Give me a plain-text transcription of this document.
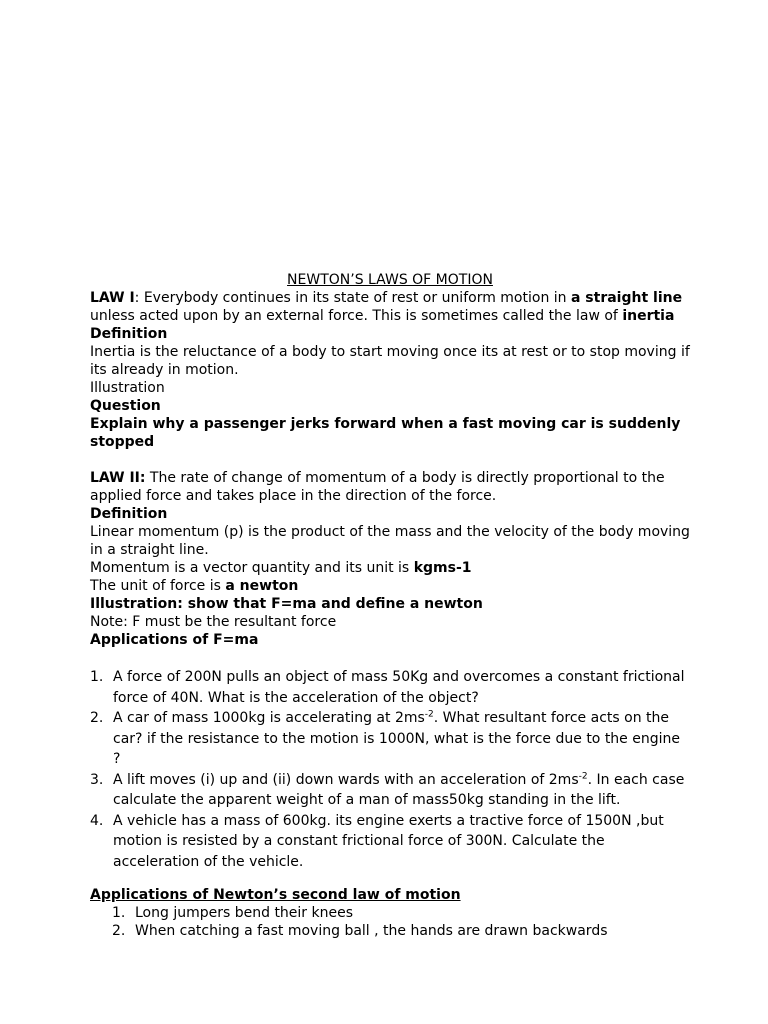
NEWTON’S LAWS OF MOTION

LAW I: Everybody continues in its state of rest or uniform motion in a straight line unless acted upon by an external force. This is sometimes called the law of inertia

Definition

Inertia is the reluctance of a body to start moving once its at rest or to stop moving if its already in motion.

Illustration

Question

Explain why a passenger jerks forward when a fast moving car is suddenly stopped

LAW II: The rate of change of momentum of a body is directly proportional to the applied force and takes place in the direction of the force.

Definition

Linear momentum (p) is the product of the mass and the velocity of the body moving in a straight line.

Momentum is a vector quantity and its unit is kgms-1

The unit of force is a newton

Illustration: show that F=ma and define a newton

Note: F must be the resultant force

Applications of F=ma

1. A force of 200N pulls an object of mass 50Kg and overcomes a constant frictional force of 40N. What is the acceleration of the object?
2. A car of mass 1000kg is accelerating at $2ms^{-2}$. What resultant force acts on the car? if the resistance to the motion is 1000N, what is the force due to the engine ?
3. A lift moves (i) up and (ii) down wards with an acceleration of $2ms^{-2}$. In each case calculate the apparent weight of a man of mass50kg standing in the lift.
4. A vehicle has a mass of 600kg. its engine exerts a tractive force of 1500N ,but motion is resisted by a constant frictional force of 300N. Calculate the acceleration of the vehicle.

Applications of Newton’s second law of motion

1. Long jumpers bend their knees
2. When catching a fast moving ball , the hands are drawn backwards
